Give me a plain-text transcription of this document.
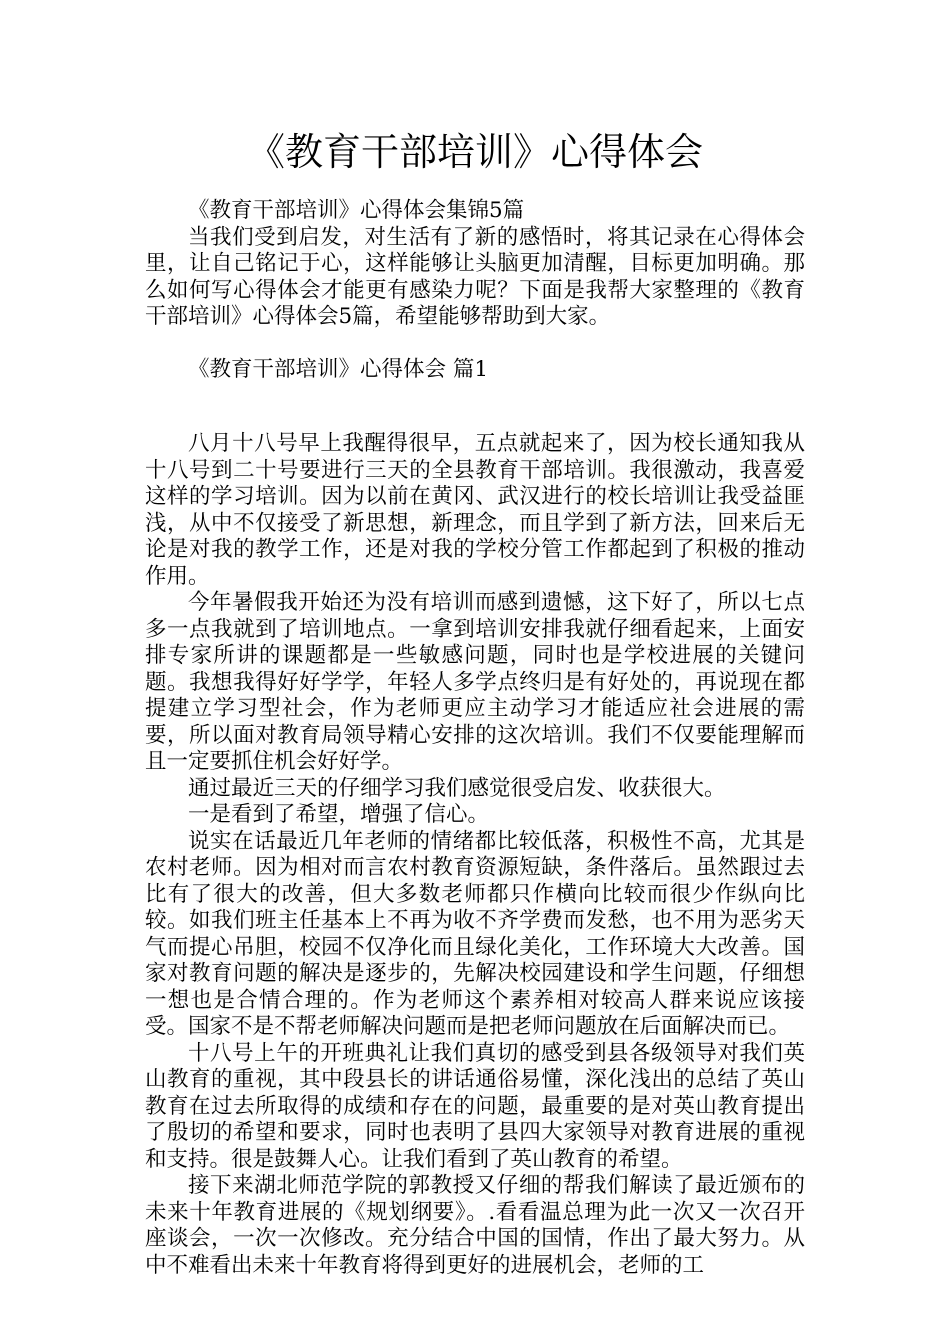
《教育干部培训》心得体会

《教育干部培训》心得体会集锦5篇

当我们受到启发，对生活有了新的感悟时，将其记录在心得体会里，让自己铭记于心，这样能够让头脑更加清醒，目标更加明确。那么如何写心得体会才能更有感染力呢？下面是我帮大家整理的《教育干部培训》心得体会5篇，希望能够帮助到大家。

《教育干部培训》心得体会 篇1

八月十八号早上我醒得很早，五点就起来了，因为校长通知我从十八号到二十号要进行三天的全县教育干部培训。我很激动，我喜爱这样的学习培训。因为以前在黄冈、武汉进行的校长培训让我受益匪浅，从中不仅接受了新思想，新理念，而且学到了新方法，回来后无论是对我的教学工作，还是对我的学校分管工作都起到了积极的推动作用。

今年暑假我开始还为没有培训而感到遗憾，这下好了，所以七点多一点我就到了培训地点。一拿到培训安排我就仔细看起来，上面安排专家所讲的课题都是一些敏感问题，同时也是学校进展的关键问题。我想我得好好学学，年轻人多学点终归是有好处的，再说现在都提建立学习型社会，作为老师更应主动学习才能适应社会进展的需要，所以面对教育局领导精心安排的这次培训。我们不仅要能理解而且一定要抓住机会好好学。

通过最近三天的仔细学习我们感觉很受启发、收获很大。

一是看到了希望，增强了信心。

说实在话最近几年老师的情绪都比较低落，积极性不高，尤其是农村老师。因为相对而言农村教育资源短缺，条件落后。虽然跟过去比有了很大的改善，但大多数老师都只作横向比较而很少作纵向比较。如我们班主任基本上不再为收不齐学费而发愁，也不用为恶劣天气而提心吊胆，校园不仅净化而且绿化美化，工作环境大大改善。国家对教育问题的解决是逐步的，先解决校园建设和学生问题，仔细想一想也是合情合理的。作为老师这个素养相对较高人群来说应该接受。国家不是不帮老师解决问题而是把老师问题放在后面解决而已。

十八号上午的开班典礼让我们真切的感受到县各级领导对我们英山教育的重视，其中段县长的讲话通俗易懂，深化浅出的总结了英山教育在过去所取得的成绩和存在的问题，最重要的是对英山教育提出了殷切的希望和要求，同时也表明了县四大家领导对教育进展的重视和支持。很是鼓舞人心。让我们看到了英山教育的希望。

接下来湖北师范学院的郭教授又仔细的帮我们解读了最近颁布的未来十年教育进展的《规划纲要》。.看看温总理为此一次又一次召开座谈会，一次一次修改。充分结合中国的国情，作出了最大努力。从中不难看出未来十年教育将得到更好的进展机会，老师的工
